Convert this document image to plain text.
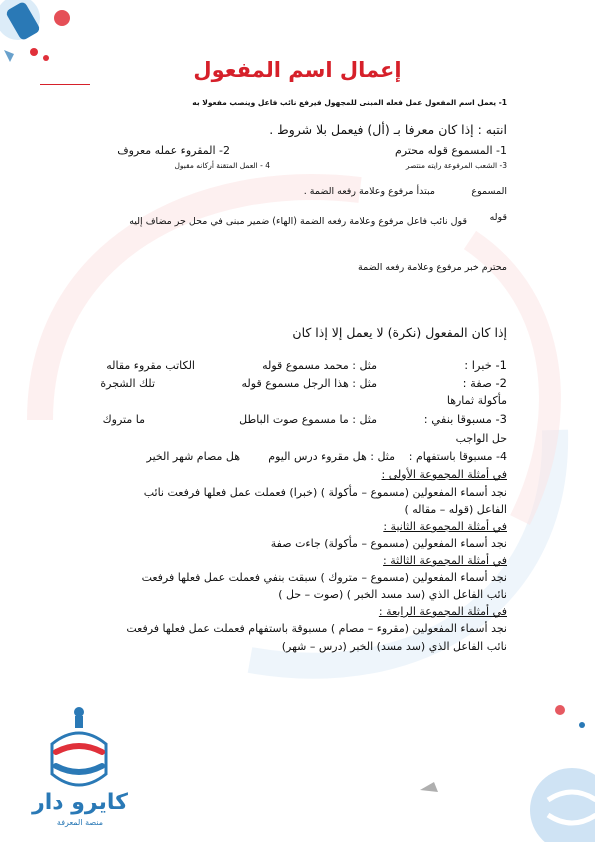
إعمال اسم المفعول
1- يعمل اسم المفعول عمل فعله المبنى للمجهول فيرفع نائب فاعل وينصب مفعولا به
انتبه : إذا كان معرفا بـ (أل) فيعمل بلا شروط .
1- المسموع قوله محترم
2- المقروء عمله معروف
3- الشعب المرفوعة رايته منتصر
4 - العمل المتقنة أركانه مقبول
المسموع
مبتدأ مرفوع وعلامة رفعه الضمة .
قوله
قول نائب فاعل مرفوع وعلامة رفعه الضمة (الهاء) ضمير مبنى في محل جر مضاف إليه
محترم خبر مرفوع وعلامة رفعه الضمة
إذا كان المفعول (نكرة) لا يعمل إلا إذا كان
1- خبرا :
مثل : محمد مسموع قوله
الكاتب مقروء مقاله
2- صفة :
مثل : هذا الرجل مسموع قوله
تلك الشجرة
مأكولة ثمارها
3- مسبوقا بنفي :
مثل : ما مسموع صوت الباطل
ما متروك
حل الواجب
4- مسبوقا باستفهام :
مثل : هل مقروء درس اليوم
هل مصام شهر الخير
في أمثلة المجموعة الأولى :
نجد أسماء المفعولين (مسموع – مأكولة ) (خبرا) فعملت عمل فعلها فرفعت نائب
الفاعل (قوله – مقاله )
في أمثلة المجموعة الثانية :
نجد أسماء المفعولين (مسموع – مأكولة) جاءت صفة
في أمثلة المجموعة الثالثة :
نجد أسماء المفعولين (مسموع – متروك ) سبقت بنفي فعملت عمل فعلها فرفعت
نائب الفاعل الذي (سد مسد الخبر ) (صوت – حل )
في أمثلة المجموعة الرابعة :
نجد أسماء المفعولين (مقروء – مصام ) مسبوقة باستفهام فعملت عمل فعلها فرفعت
نائب الفاعل الذي (سد مسد) الخبر (درس – شهر)
كايرو دار
منصة المعرفة
